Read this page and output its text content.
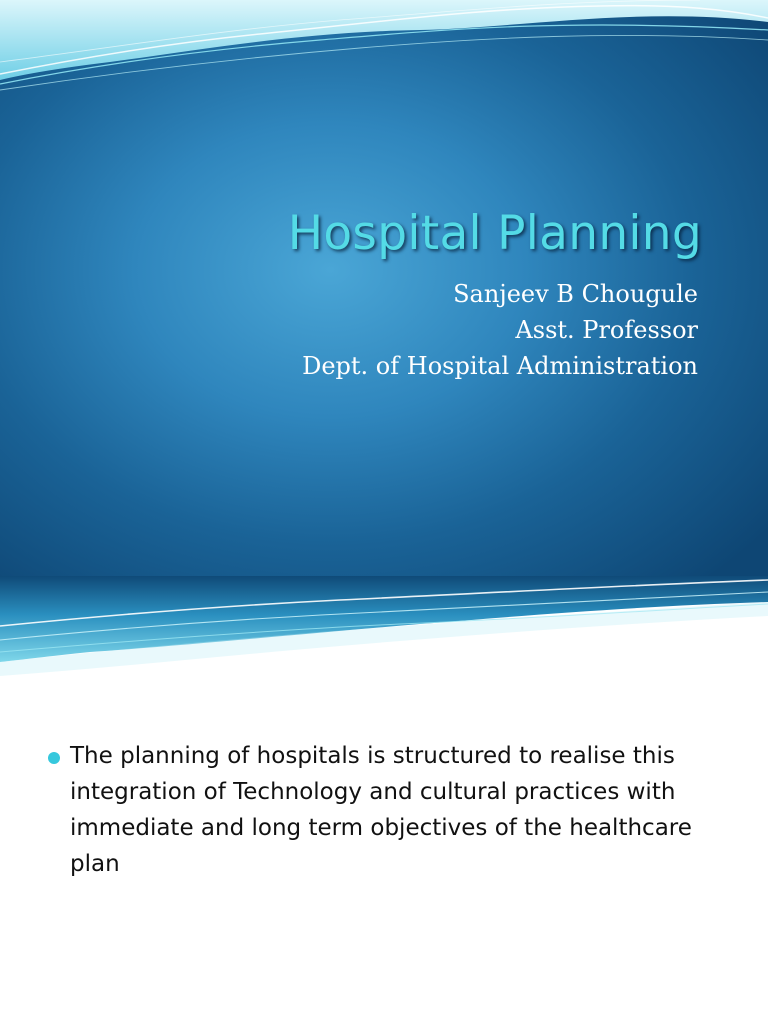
Hospital Planning
Sanjeev B Chougule
Asst. Professor
Dept. of Hospital Administration
The planning of hospitals is structured to realise this
integration of Technology and cultural practices with
immediate and long term objectives of the healthcare
plan
